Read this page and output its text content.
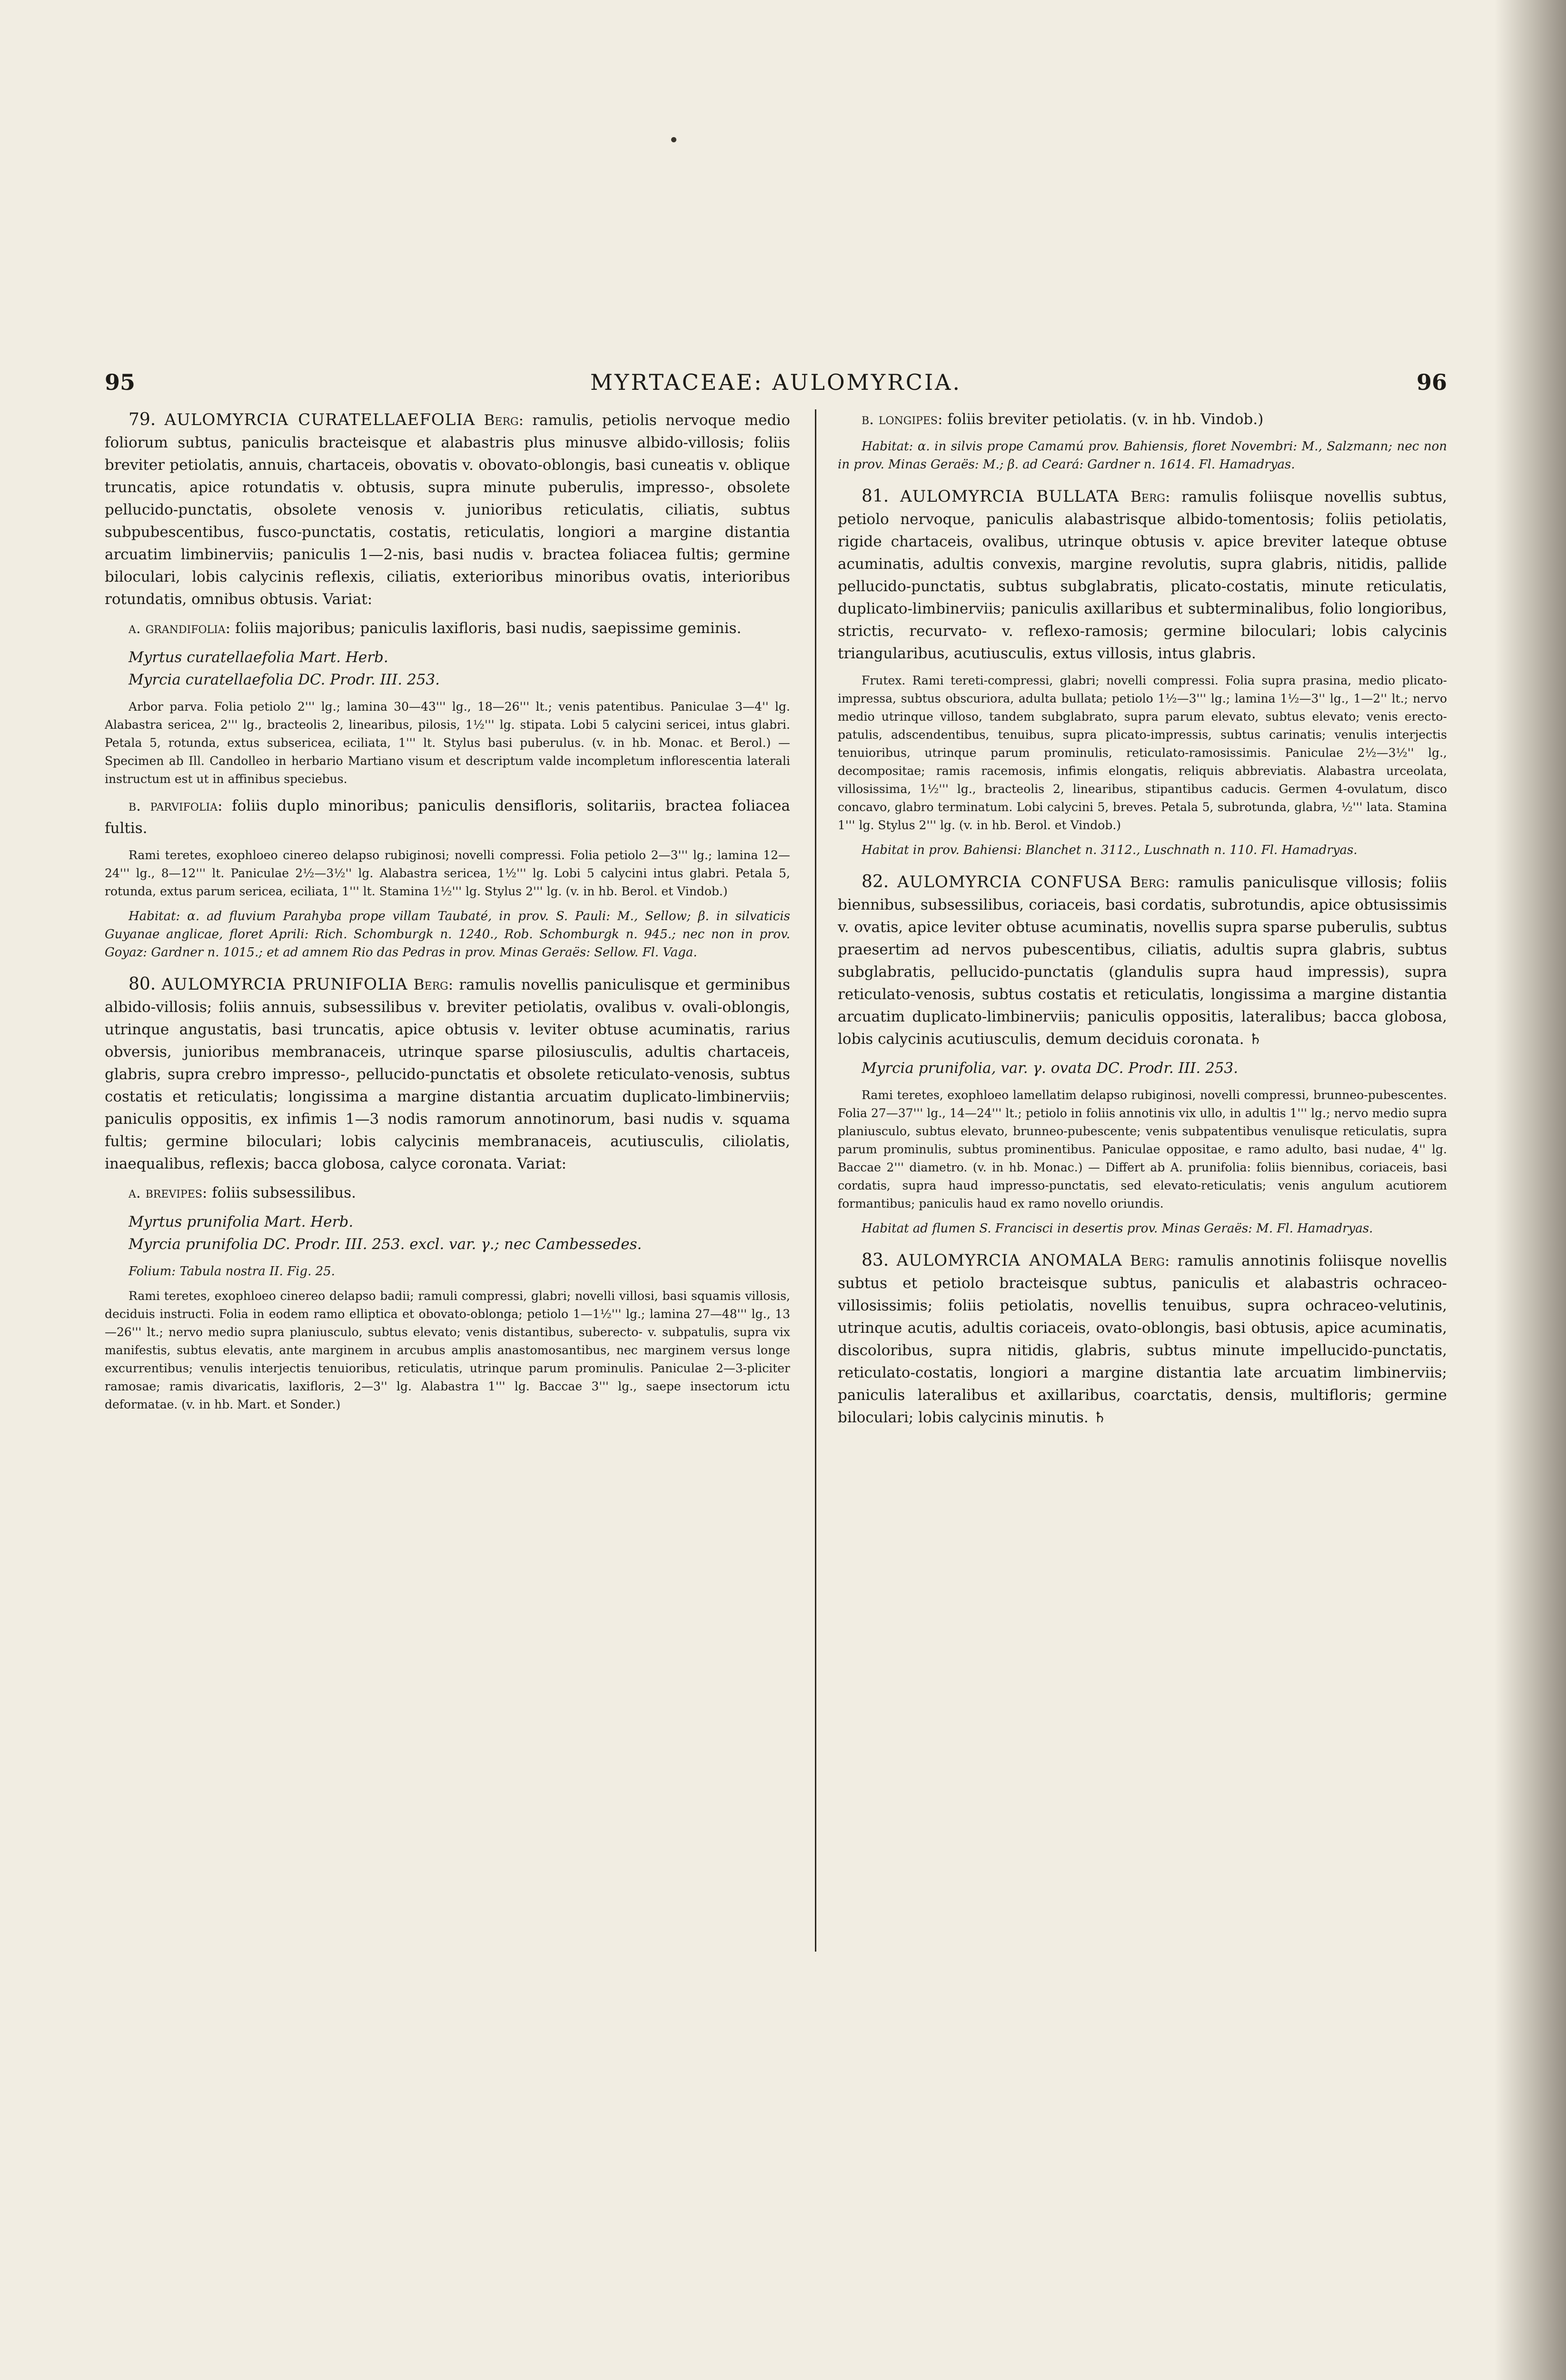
95	MYRTACEAE: AULOMYRCIA.	96

79. AULOMYRCIA CURATELLAEFOLIA Berg: ramulis, petiolis nervoque medio foliorum subtus, paniculis bracteisque et alabastris plus minusve albido-villosis; foliis breviter petiolatis, annuis, chartaceis, obovatis v. obovato-oblongis, basi cuneatis v. oblique truncatis, apice rotundatis v. obtusis, supra minute puberulis, impresso-, obsolete pellucido-punctatis, obsolete venosis v. junioribus reticulatis, ciliatis, subtus subpubescentibus, fusco-punctatis, costatis, reticulatis, longiori a margine distantia arcuatim limbinerviis; paniculis 1—2-nis, basi nudis v. bractea foliacea fultis; germine biloculari, lobis calycinis reflexis, ciliatis, exterioribus minoribus ovatis, interioribus rotundatis, omnibus obtusis. Variat:

α. grandifolia: foliis majoribus; paniculis laxifloris, basi nudis, saepissime geminis.

Myrtus curatellaefolia Mart. Herb.

Myrcia curatellaefolia DC. Prodr. III. 253.

Arbor parva. Folia petiolo 2''' lg.; lamina 30—43''' lg., 18—26''' lt.; venis patentibus. Paniculae 3—4'' lg. Alabastra sericea, 2''' lg., bracteolis 2, linearibus, pilosis, 1½''' lg. stipata. Lobi 5 calycini sericei, intus glabri. Petala 5, rotunda, extus subsericea, eciliata, 1''' lt. Stylus basi puberulus. (v. in hb. Monac. et Berol.) — Specimen ab Ill. Candolleo in herbario Martiano visum et descriptum valde incompletum inflorescentia laterali instructum est ut in affinibus speciebus.

β. parvifolia: foliis duplo minoribus; paniculis densifloris, solitariis, bractea foliacea fultis.

Rami teretes, exophloeo cinereo delapso rubiginosi; novelli compressi. Folia petiolo 2—3''' lg.; lamina 12—24''' lg., 8—12''' lt. Paniculae 2½—3½'' lg. Alabastra sericea, 1½''' lg. Lobi 5 calycini intus glabri. Petala 5, rotunda, extus parum sericea, eciliata, 1''' lt. Stamina 1½''' lg. Stylus 2''' lg. (v. in hb. Berol. et Vindob.)

Habitat: α. ad fluvium Parahyba prope villam Taubaté, in prov. S. Pauli: M., Sellow; β. in silvaticis Guyanae anglicae, floret Aprili: Rich. Schomburgk n. 1240., Rob. Schomburgk n. 945.; nec non in prov. Goyaz: Gardner n. 1015.; et ad amnem Rio das Pedras in prov. Minas Geraës: Sellow. Fl. Vaga.

80. AULOMYRCIA PRUNIFOLIA Berg: ramulis novellis paniculisque et germinibus albido-villosis; foliis annuis, subsessilibus v. breviter petiolatis, ovalibus v. ovali-oblongis, utrinque angustatis, basi truncatis, apice obtusis v. leviter obtuse acuminatis, rarius obversis, junioribus membranaceis, utrinque sparse pilosiusculis, adultis chartaceis, glabris, supra crebro impresso-, pellucido-punctatis et obsolete reticulato-venosis, subtus costatis et reticulatis; longissima a margine distantia arcuatim duplicato-limbinerviis; paniculis oppositis, ex infimis 1—3 nodis ramorum annotinorum, basi nudis v. squama fultis; germine biloculari; lobis calycinis membranaceis, acutiusculis, ciliolatis, inaequalibus, reflexis; bacca globosa, calyce coronata. Variat:

α. brevipes: foliis subsessilibus.

Myrtus prunifolia Mart. Herb.

Myrcia prunifolia DC. Prodr. III. 253. excl. var. γ.; nec Cambessedes.

Folium: Tabula nostra II. Fig. 25.

Rami teretes, exophloeo cinereo delapso badii; ramuli compressi, glabri; novelli villosi, basi squamis villosis, deciduis instructi. Folia in eodem ramo elliptica et obovato-oblonga; petiolo 1—1½''' lg.; lamina 27—48''' lg., 13—26''' lt.; nervo medio supra planiusculo, subtus elevato; venis distantibus, suberecto- v. subpatulis, supra vix manifestis, subtus elevatis, ante marginem in arcubus amplis anastomosantibus, nec marginem versus longe excurrentibus; venulis interjectis tenuioribus, reticulatis, utrinque parum prominulis. Paniculae 2—3-pliciter ramosae; ramis divaricatis, laxifloris, 2—3'' lg. Alabastra 1''' lg. Baccae 3''' lg., saepe insectorum ictu deformatae. (v. in hb. Mart. et Sonder.)

β. longipes: foliis breviter petiolatis. (v. in hb. Vindob.)

Habitat: α. in silvis prope Camamú prov. Bahiensis, floret Novembri: M., Salzmann; nec non in prov. Minas Geraës: M.; β. ad Ceará: Gardner n. 1614. Fl. Hamadryas.

81. AULOMYRCIA BULLATA Berg: ramulis foliisque novellis subtus, petiolo nervoque, paniculis alabastrisque albido-tomentosis; foliis petiolatis, rigide chartaceis, ovalibus, utrinque obtusis v. apice breviter lateque obtuse acuminatis, adultis convexis, margine revolutis, supra glabris, nitidis, pallide pellucido-punctatis, subtus subglabratis, plicato-costatis, minute reticulatis, duplicato-limbinerviis; paniculis axillaribus et subterminalibus, folio longioribus, strictis, recurvato- v. reflexo-ramosis; germine biloculari; lobis calycinis triangularibus, acutiusculis, extus villosis, intus glabris.

Frutex. Rami tereti-compressi, glabri; novelli compressi. Folia supra prasina, medio plicato-impressa, subtus obscuriora, adulta bullata; petiolo 1½—3''' lg.; lamina 1½—3'' lg., 1—2'' lt.; nervo medio utrinque villoso, tandem subglabrato, supra parum elevato, subtus elevato; venis erecto-patulis, adscendentibus, tenuibus, supra plicato-impressis, subtus carinatis; venulis interjectis tenuioribus, utrinque parum prominulis, reticulato-ramosissimis. Paniculae 2½—3½'' lg., decompositae; ramis racemosis, infimis elongatis, reliquis abbreviatis. Alabastra urceolata, villosissima, 1½''' lg., bracteolis 2, linearibus, stipantibus caducis. Germen 4-ovulatum, disco concavo, glabro terminatum. Lobi calycini 5, breves. Petala 5, subrotunda, glabra, ½''' lata. Stamina 1''' lg. Stylus 2''' lg. (v. in hb. Berol. et Vindob.)

Habitat in prov. Bahiensi: Blanchet n. 3112., Luschnath n. 110. Fl. Hamadryas.

82. AULOMYRCIA CONFUSA Berg: ramulis paniculisque villosis; foliis biennibus, subsessilibus, coriaceis, basi cordatis, subrotundis, apice obtusissimis v. ovatis, apice leviter obtuse acuminatis, novellis supra sparse puberulis, subtus praesertim ad nervos pubescentibus, ciliatis, adultis supra glabris, subtus subglabratis, pellucido-punctatis (glandulis supra haud impressis), supra reticulato-venosis, subtus costatis et reticulatis, longissima a margine distantia arcuatim duplicato-limbinerviis; paniculis oppositis, lateralibus; bacca globosa, lobis calycinis acutiusculis, demum deciduis coronata. ♄

Myrcia prunifolia, var. γ. ovata DC. Prodr. III. 253.

Rami teretes, exophloeo lamellatim delapso rubiginosi, novelli compressi, brunneo-pubescentes. Folia 27—37''' lg., 14—24''' lt.; petiolo in foliis annotinis vix ullo, in adultis 1''' lg.; nervo medio supra planiusculo, subtus elevato, brunneo-pubescente; venis subpatentibus venulisque reticulatis, supra parum prominulis, subtus prominentibus. Paniculae oppositae, e ramo adulto, basi nudae, 4'' lg. Baccae 2''' diametro. (v. in hb. Monac.) — Differt ab A. prunifolia: foliis biennibus, coriaceis, basi cordatis, supra haud impresso-punctatis, sed elevato-reticulatis; venis angulum acutiorem formantibus; paniculis haud ex ramo novello oriundis.

Habitat ad flumen S. Francisci in desertis prov. Minas Geraës: M. Fl. Hamadryas.

83. AULOMYRCIA ANOMALA Berg: ramulis annotinis foliisque novellis subtus et petiolo bracteisque subtus, paniculis et alabastris ochraceo-villosissimis; foliis petiolatis, novellis tenuibus, supra ochraceo-velutinis, utrinque acutis, adultis coriaceis, ovato-oblongis, basi obtusis, apice acuminatis, discoloribus, supra nitidis, glabris, subtus minute impellucido-punctatis, reticulato-costatis, longiori a margine distantia late arcuatim limbinerviis; paniculis lateralibus et axillaribus, coarctatis, densis, multifloris; germine biloculari; lobis calycinis minutis. ♄
